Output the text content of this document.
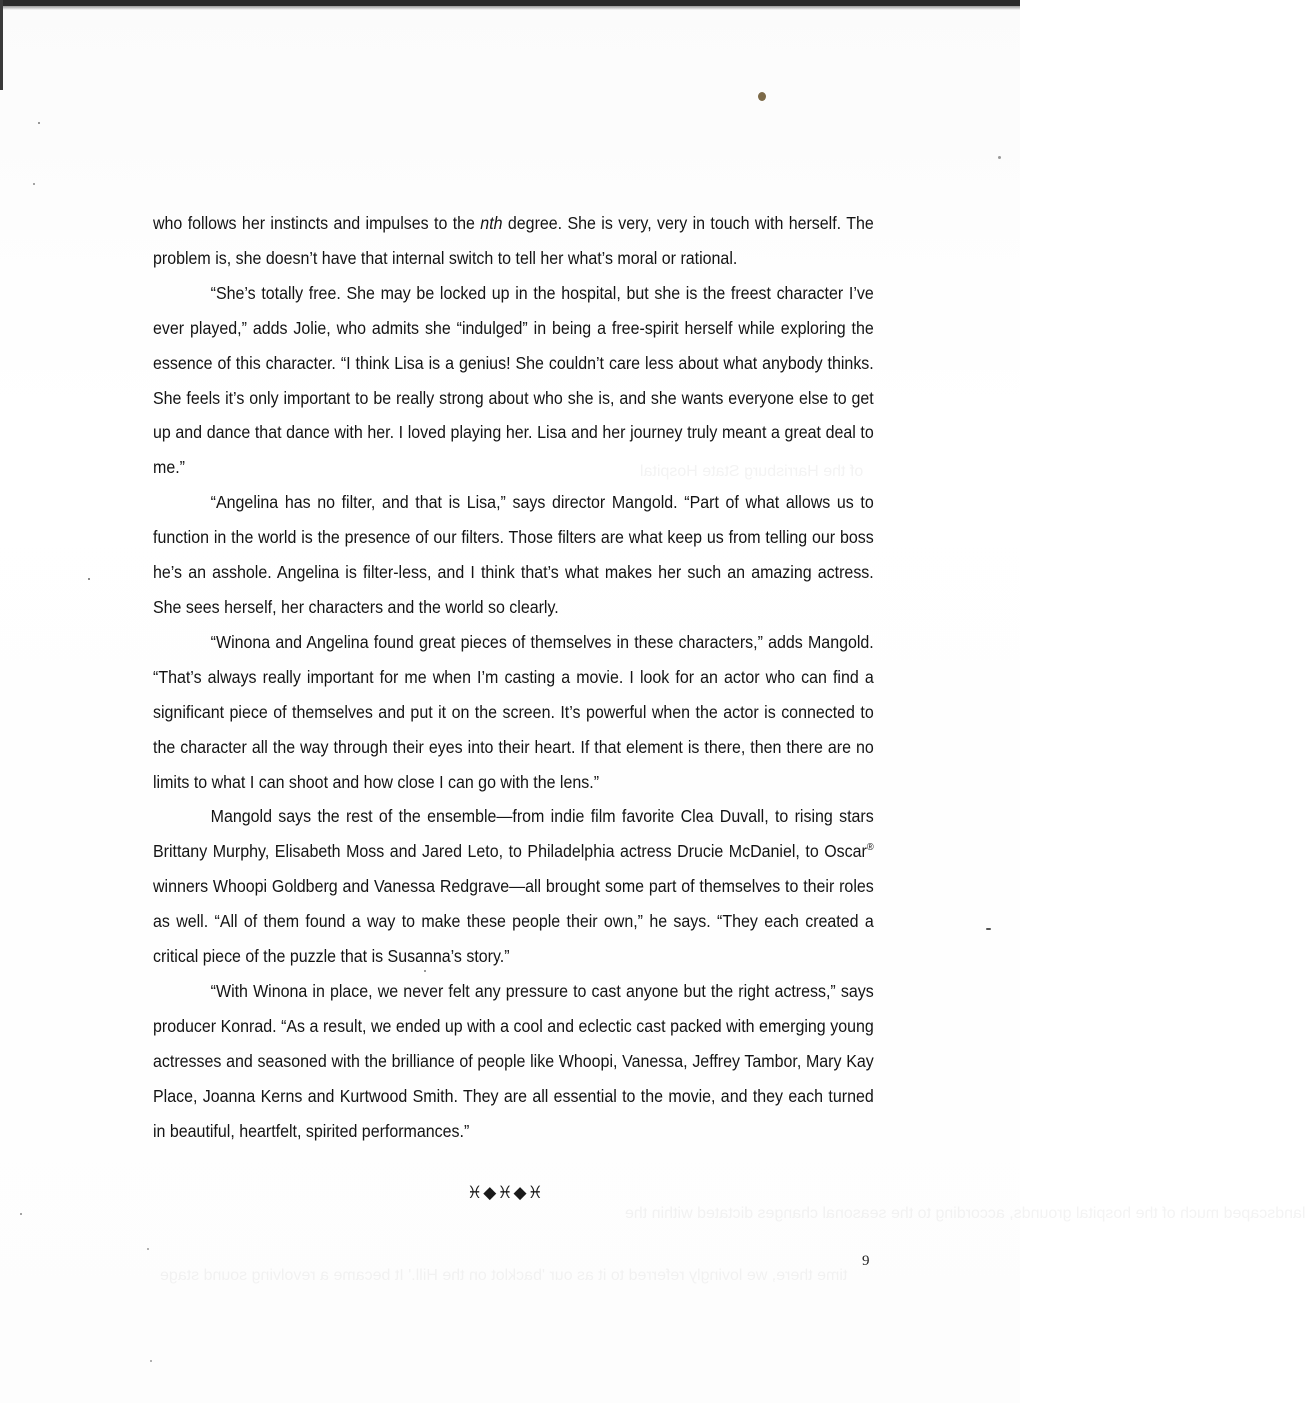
of the Harrisburg State Hospital
landscaped much of the hospital grounds, according to the seasonal changes dictated within the
time there, we lovingly referred to it as our 'backlot on the Hill.' It became a revolving sound stage

who follows her instincts and impulses to the nth degree. She is very, very in touch with herself. The problem is, she doesn’t have that internal switch to tell her what’s moral or rational.

“She’s totally free. She may be locked up in the hospital, but she is the freest character I’ve ever played,” adds Jolie, who admits she “indulged” in being a free-spirit herself while exploring the essence of this character. “I think Lisa is a genius! She couldn’t care less about what anybody thinks. She feels it’s only important to be really strong about who she is, and she wants everyone else to get up and dance that dance with her. I loved playing her. Lisa and her journey truly meant a great deal to me.”

“Angelina has no filter, and that is Lisa,” says director Mangold. “Part of what allows us to function in the world is the presence of our filters. Those filters are what keep us from telling our boss he’s an asshole. Angelina is filter-less, and I think that’s what makes her such an amazing actress. She sees herself, her characters and the world so clearly.

“Winona and Angelina found great pieces of themselves in these characters,” adds Mangold. “That’s always really important for me when I’m casting a movie. I look for an actor who can find a significant piece of themselves and put it on the screen. It’s powerful when the actor is connected to the character all the way through their eyes into their heart. If that element is there, then there are no limits to what I can shoot and how close I can go with the lens.”

Mangold says the rest of the ensemble—from indie film favorite Clea Duvall, to rising stars Brittany Murphy, Elisabeth Moss and Jared Leto, to Philadelphia actress Drucie McDaniel, to Oscar® winners Whoopi Goldberg and Vanessa Redgrave—all brought some part of themselves to their roles as well. “All of them found a way to make these people their own,” he says. “They each created a critical piece of the puzzle that is Susanna’s story.”

“With Winona in place, we never felt any pressure to cast anyone but the right actress,” says producer Konrad. “As a result, we ended up with a cool and eclectic cast packed with emerging young actresses and seasoned with the brilliance of people like Whoopi, Vanessa, Jeffrey Tambor, Mary Kay Place, Joanna Kerns and Kurtwood Smith. They are all essential to the movie, and they each turned in beautiful, heartfelt, spirited performances.”

♓◆♓◆♓
9
